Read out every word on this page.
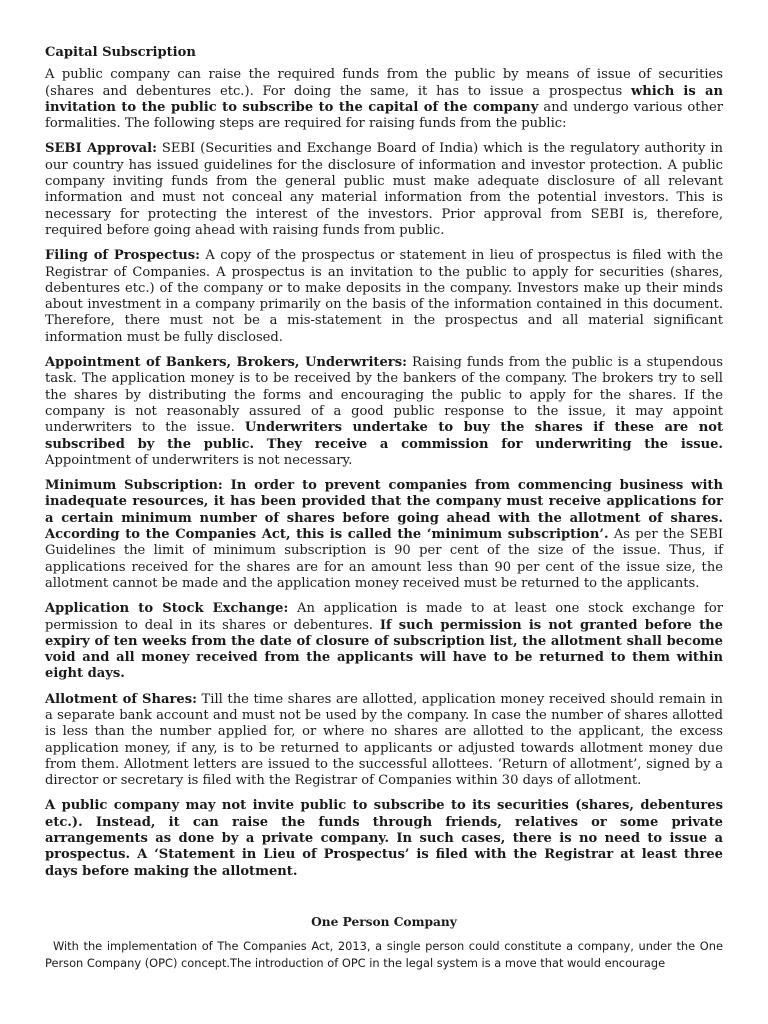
Capital Subscription

A public company can raise the required funds from the public by means of issue of securities (shares and debentures etc.). For doing the same, it has to issue a prospectus which is an invitation to the public to subscribe to the capital of the company and undergo various other formalities. The following steps are required for raising funds from the public:

SEBI Approval: SEBI (Securities and Exchange Board of India) which is the regulatory authority in our country has issued guidelines for the disclosure of information and investor protection. A public company inviting funds from the general public must make adequate disclosure of all relevant information and must not conceal any material information from the potential investors. This is necessary for protecting the interest of the investors. Prior approval from SEBI is, therefore, required before going ahead with raising funds from public.

Filing of Prospectus: A copy of the prospectus or statement in lieu of prospectus is filed with the Registrar of Companies. A prospectus is an invitation to the public to apply for securities (shares, debentures etc.) of the company or to make deposits in the company. Investors make up their minds about investment in a company primarily on the basis of the information contained in this document. Therefore, there must not be a mis-statement in the prospectus and all material significant information must be fully disclosed.

Appointment of Bankers, Brokers, Underwriters: Raising funds from the public is a stupendous task. The application money is to be received by the bankers of the company. The brokers try to sell the shares by distributing the forms and encouraging the public to apply for the shares. If the company is not reasonably assured of a good public response to the issue, it may appoint underwriters to the issue. Underwriters undertake to buy the shares if these are not subscribed by the public. They receive a commission for underwriting the issue. Appointment of underwriters is not necessary.

Minimum Subscription: In order to prevent companies from commencing business with inadequate resources, it has been provided that the company must receive applications for a certain minimum number of shares before going ahead with the allotment of shares. According to the Companies Act, this is called the ‘minimum subscription’. As per the SEBI Guidelines the limit of minimum subscription is 90 per cent of the size of the issue. Thus, if applications received for the shares are for an amount less than 90 per cent of the issue size, the allotment cannot be made and the application money received must be returned to the applicants.

Application to Stock Exchange: An application is made to at least one stock exchange for permission to deal in its shares or debentures. If such permission is not granted before the expiry of ten weeks from the date of closure of subscription list, the allotment shall become void and all money received from the applicants will have to be returned to them within eight days.

Allotment of Shares: Till the time shares are allotted, application money received should remain in a separate bank account and must not be used by the company. In case the number of shares allotted is less than the number applied for, or where no shares are allotted to the applicant, the excess application money, if any, is to be returned to applicants or adjusted towards allotment money due from them. Allotment letters are issued to the successful allottees. ‘Return of allotment’, signed by a director or secretary is filed with the Registrar of Companies within 30 days of allotment.

A public company may not invite public to subscribe to its securities (shares, debentures etc.). Instead, it can raise the funds through friends, relatives or some private arrangements as done by a private company. In such cases, there is no need to issue a prospectus. A ‘Statement in Lieu of Prospectus’ is filed with the Registrar at least three days before making the allotment.

One Person Company

With the implementation of The Companies Act, 2013, a single person could constitute a company, under the One Person Company (OPC) concept.The introduction of OPC in the legal system is a move that would encourage
